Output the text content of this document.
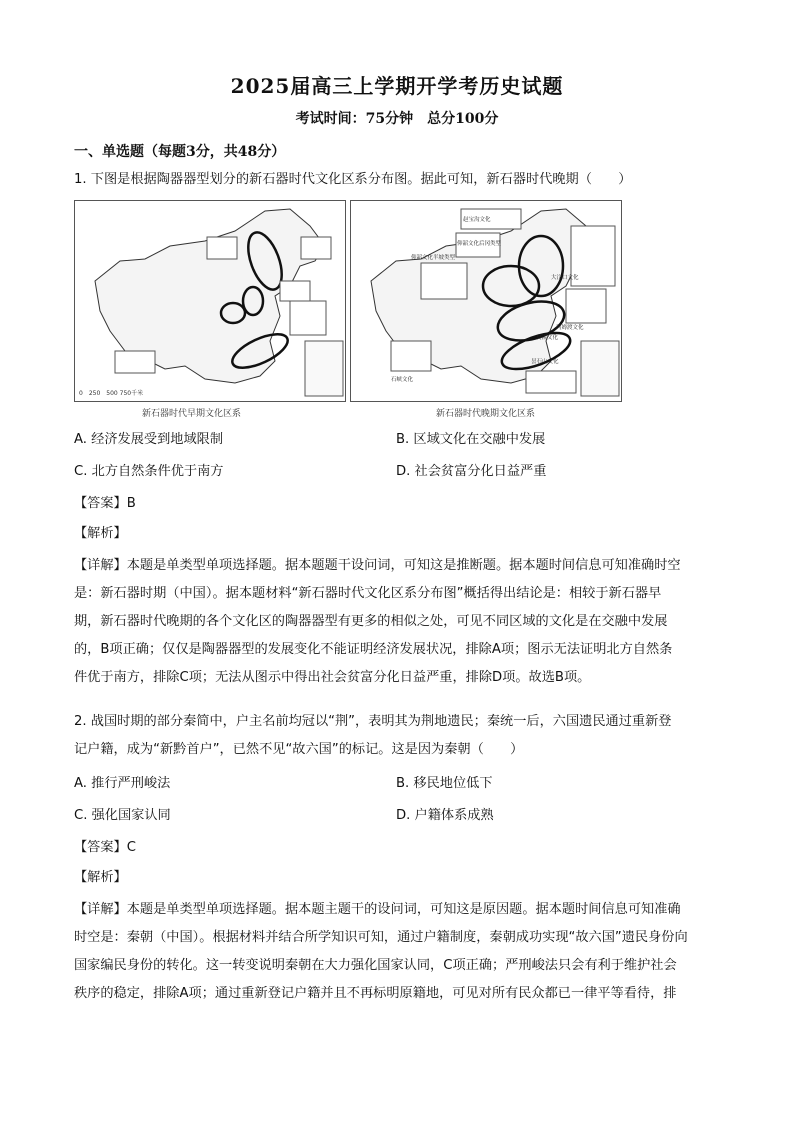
2025届高三上学期开学考历史试题
考试时间：75分钟　总分100分
一、单选题（每题3分，共48分）
1. 下图是根据陶器器型划分的新石器时代文化区系分布图。据此可知，新石器时代晚期（　　）
0　250　500 750千米
赵宝沟文化
仰韶文化后冈类型
仰韶文化半坡类型
大汶口文化
河姆渡文化
良渚文化
昙石山文化
石峡文化
新石器时代早期文化区系	新石器时代晚期文化区系
A. 经济发展受到地域限制	B. 区域文化在交融中发展
C. 北方自然条件优于南方	D. 社会贫富分化日益严重
【答案】B
【解析】
【详解】本题是单类型单项选择题。据本题题干设问词，可知这是推断题。据本题时间信息可知准确时空
是：新石器时期（中国）。据本题材料“新石器时代文化区系分布图”概括得出结论是：相较于新石器早
期，新石器时代晚期的各个文化区的陶器器型有更多的相似之处，可见不同区域的文化是在交融中发展
的，B项正确；仅仅是陶器器型的发展变化不能证明经济发展状况，排除A项；图示无法证明北方自然条
件优于南方，排除C项；无法从图示中得出社会贫富分化日益严重，排除D项。故选B项。
2. 战国时期的部分秦简中，户主名前均冠以“荆”，表明其为荆地遗民；秦统一后，六国遗民通过重新登
记户籍，成为“新黔首户”，已然不见“故六国”的标记。这是因为秦朝（　　）
A. 推行严刑峻法	B. 移民地位低下
C. 强化国家认同	D. 户籍体系成熟
【答案】C
【解析】
【详解】本题是单类型单项选择题。据本题主题干的设问词，可知这是原因题。据本题时间信息可知准确
时空是：秦朝（中国）。根据材料并结合所学知识可知，通过户籍制度，秦朝成功实现“故六国”遗民身份向
国家编民身份的转化。这一转变说明秦朝在大力强化国家认同，C项正确；严刑峻法只会有利于维护社会
秩序的稳定，排除A项；通过重新登记户籍并且不再标明原籍地，可见对所有民众都已一律平等看待，排
